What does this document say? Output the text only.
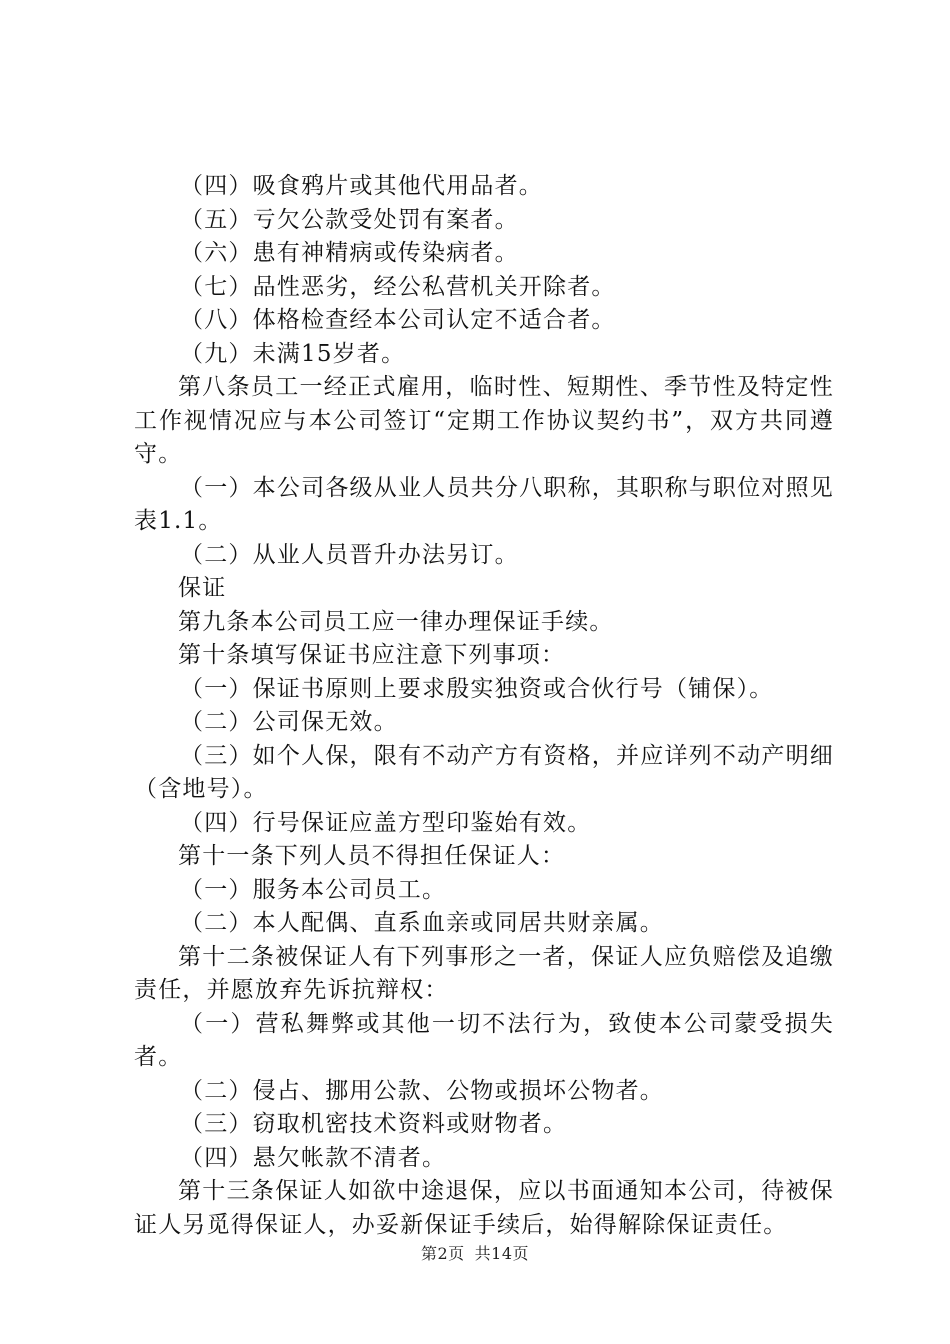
（四）吸食鸦片或其他代用品者。

（五）亏欠公款受处罚有案者。

（六）患有神精病或传染病者。

（七）品性恶劣，经公私营机关开除者。

（八）体格检查经本公司认定不适合者。

（九）未满15岁者。

第八条员工一经正式雇用，临时性、短期性、季节性及特定性工作视情况应与本公司签订“定期工作协议契约书”，双方共同遵守。

（一）本公司各级从业人员共分八职称，其职称与职位对照见表1.1。

（二）从业人员晋升办法另订。

保证

第九条本公司员工应一律办理保证手续。

第十条填写保证书应注意下列事项：

（一）保证书原则上要求殷实独资或合伙行号（铺保）。

（二）公司保无效。

（三）如个人保，限有不动产方有资格，并应详列不动产明细（含地号）。

（四）行号保证应盖方型印鉴始有效。

第十一条下列人员不得担任保证人：

（一）服务本公司员工。

（二）本人配偶、直系血亲或同居共财亲属。

第十二条被保证人有下列事形之一者，保证人应负赔偿及追缴责任，并愿放弃先诉抗辩权：

（一）营私舞弊或其他一切不法行为，致使本公司蒙受损失者。

（二）侵占、挪用公款、公物或损坏公物者。

（三）窃取机密技术资料或财物者。

（四）悬欠帐款不清者。

第十三条保证人如欲中途退保，应以书面通知本公司，待被保证人另觅得保证人，办妥新保证手续后，始得解除保证责任。

第2页 共14页
